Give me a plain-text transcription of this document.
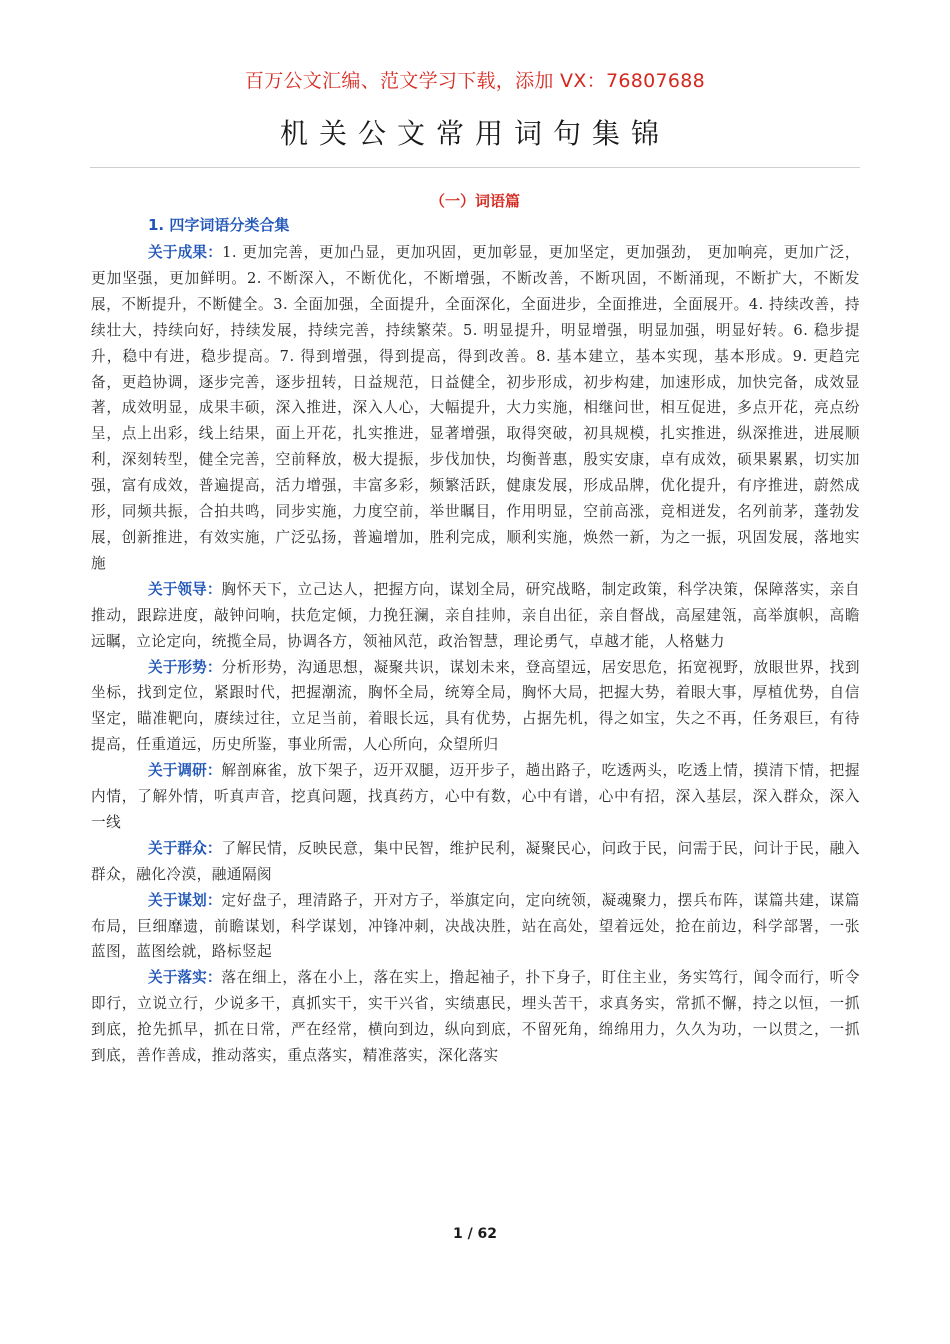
百万公文汇编、范文学习下载，添加 VX：76807688
机关公文常用词句集锦
（一）词语篇
1. 四字词语分类合集

关于成果：1. 更加完善，更加凸显，更加巩固，更加彰显，更加坚定，更加强劲， 更加响亮，更加广泛，更加坚强，更加鲜明。2. 不断深入，不断优化，不断增强，不断改善，不断巩固，不断涌现，不断扩大，不断发展，不断提升，不断健全。3. 全面加强，全面提升，全面深化，全面进步，全面推进，全面展开。4. 持续改善，持续壮大，持续向好，持续发展，持续完善，持续繁荣。5. 明显提升，明显增强，明显加强，明显好转。6. 稳步提升，稳中有进，稳步提高。7. 得到增强，得到提高，得到改善。8. 基本建立，基本实现，基本形成。9. 更趋完备，更趋协调，逐步完善，逐步扭转，日益规范，日益健全，初步形成，初步构建，加速形成，加快完备，成效显著，成效明显，成果丰硕，深入推进，深入人心，大幅提升，大力实施，相继问世，相互促进，多点开花，亮点纷呈，点上出彩，线上结果，面上开花，扎实推进，显著增强，取得突破，初具规模，扎实推进，纵深推进，进展顺利，深刻转型，健全完善，空前释放，极大提振，步伐加快，均衡普惠，殷实安康，卓有成效，硕果累累，切实加强，富有成效，普遍提高，活力增强，丰富多彩，频繁活跃，健康发展，形成品牌，优化提升，有序推进，蔚然成形，同频共振，合拍共鸣，同步实施，力度空前，举世瞩目，作用明显，空前高涨，竞相迸发，名列前茅，蓬勃发展，创新推进，有效实施，广泛弘扬，普遍增加，胜利完成，顺利实施，焕然一新，为之一振，巩固发展，落地实施

关于领导：胸怀天下，立己达人，把握方向，谋划全局，研究战略，制定政策，科学决策，保障落实，亲自推动，跟踪进度，敲钟问响，扶危定倾，力挽狂澜，亲自挂帅，亲自出征，亲自督战，高屋建瓴，高举旗帜，高瞻远瞩，立论定向，统揽全局，协调各方，领袖风范，政治智慧，理论勇气，卓越才能，人格魅力

关于形势：分析形势，沟通思想，凝聚共识，谋划未来，登高望远，居安思危，拓宽视野，放眼世界，找到坐标，找到定位，紧跟时代，把握潮流，胸怀全局，统筹全局，胸怀大局，把握大势，着眼大事，厚植优势，自信坚定，瞄准靶向，赓续过往，立足当前，着眼长远，具有优势，占据先机，得之如宝，失之不再，任务艰巨，有待提高，任重道远，历史所鉴，事业所需，人心所向，众望所归

关于调研：解剖麻雀，放下架子，迈开双腿，迈开步子，趟出路子，吃透两头，吃透上情，摸清下情，把握内情，了解外情，听真声音，挖真问题，找真药方，心中有数，心中有谱，心中有招，深入基层，深入群众，深入一线

关于群众：了解民情，反映民意，集中民智，维护民利，凝聚民心，问政于民，问需于民，问计于民，融入群众，融化冷漠，融通隔阂

关于谋划：定好盘子，理清路子，开对方子，举旗定向，定向统领，凝魂聚力，摆兵布阵，谋篇共建，谋篇布局，巨细靡遗，前瞻谋划，科学谋划，冲锋冲刺，决战决胜，站在高处，望着远处，抢在前边，科学部署，一张蓝图，蓝图绘就，路标竖起

关于落实：落在细上，落在小上，落在实上，撸起袖子，扑下身子，盯住主业，务实笃行，闻令而行，听令即行，立说立行，少说多干，真抓实干，实干兴省，实绩惠民，埋头苦干，求真务实，常抓不懈，持之以恒，一抓到底，抢先抓早，抓在日常，严在经常，横向到边，纵向到底，不留死角，绵绵用力，久久为功，一以贯之，一抓到底，善作善成，推动落实，重点落实，精准落实，深化落实

1 / 62
